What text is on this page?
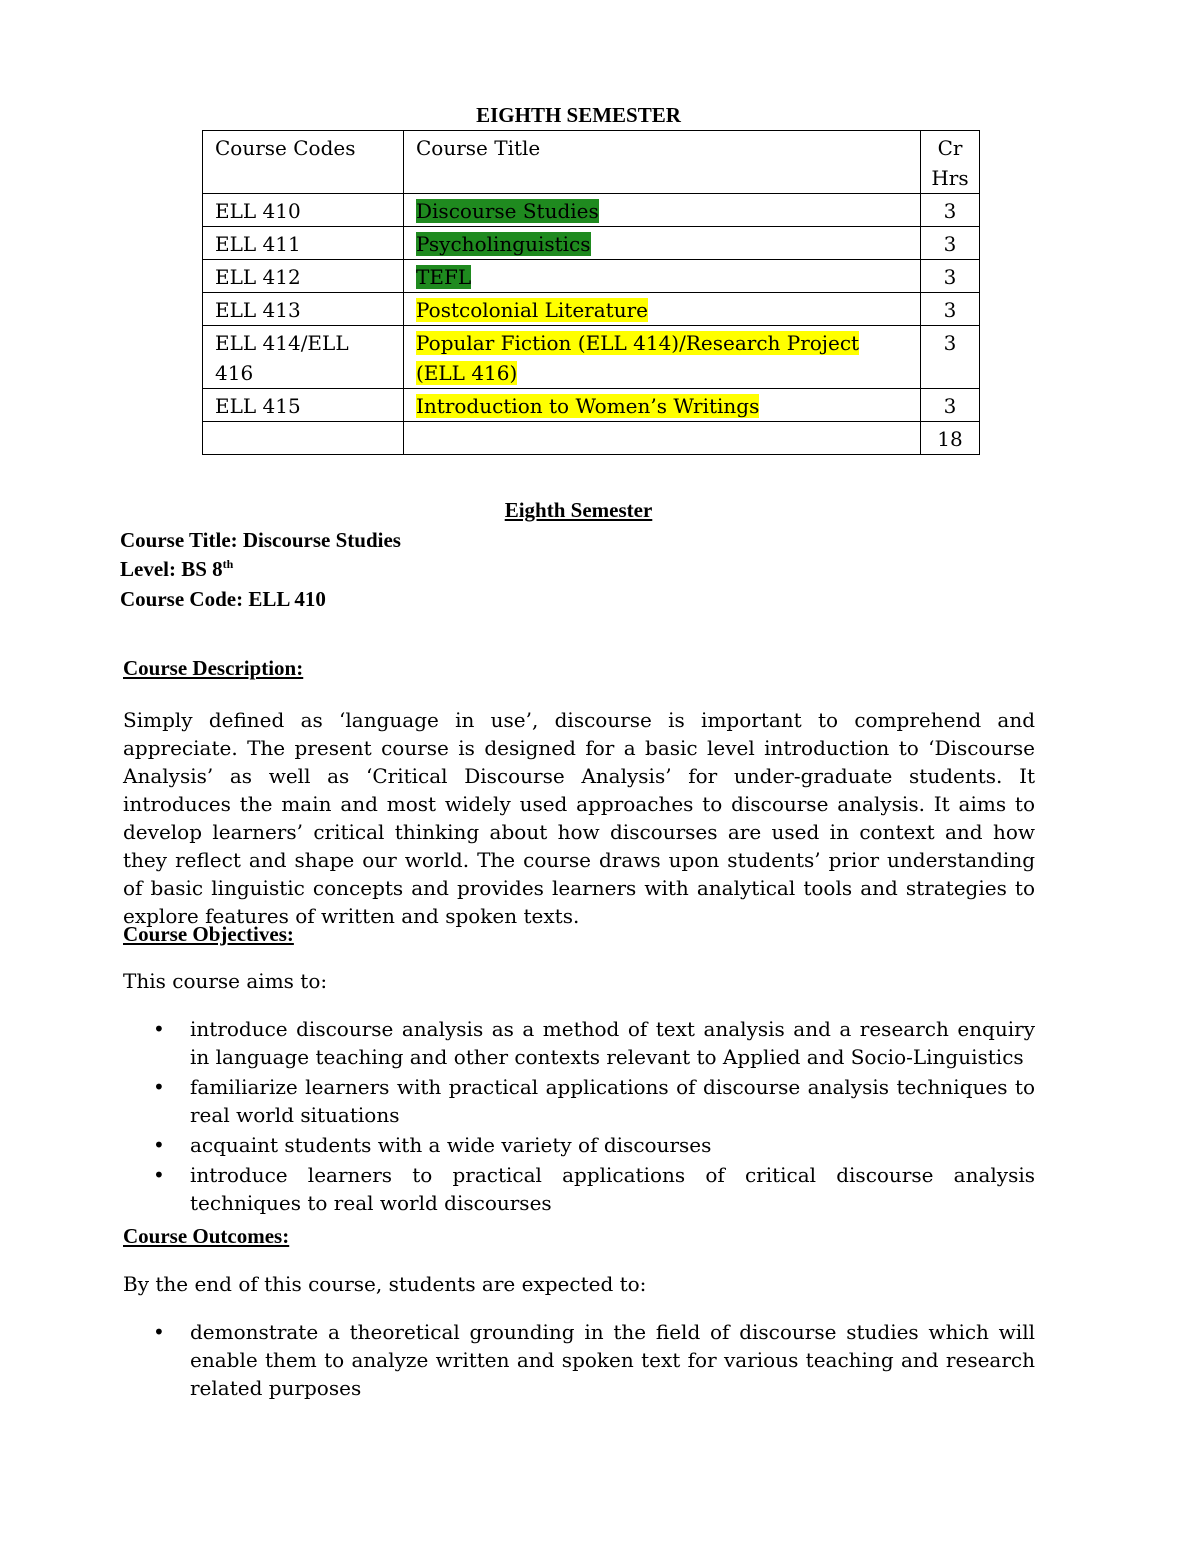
EIGHTH SEMESTER
Course Codes	Course Title	Cr
Hrs
ELL 410	Discourse Studies	3
ELL 411	Psycholinguistics	3
ELL 412	TEFL	3
ELL 413	Postcolonial Literature	3
ELL 414/ELL 416	Popular Fiction (ELL 414)/Research Project (ELL 416)	3
ELL 415	Introduction to Women’s Writings	3
		18
Eighth Semester
Course Title: Discourse Studies
Level: BS 8th
Course Code: ELL 410
Course Description:
Simply defined as ‘language in use’, discourse is important to comprehend and appreciate. The present course is designed for a basic level introduction to ‘Discourse Analysis’ as well as ‘Critical Discourse Analysis’ for under-graduate students. It introduces the main and most widely used approaches to discourse analysis. It aims to develop learners’ critical thinking about how discourses are used in context and how they reflect and shape our world. The course draws upon students’ prior understanding of basic linguistic concepts and provides learners with analytical tools and strategies to explore features of written and spoken texts.
Course Objectives:
This course aims to:
• introduce discourse analysis as a method of text analysis and a research enquiry in language teaching and other contexts relevant to Applied and Socio-Linguistics
• familiarize learners with practical applications of discourse analysis techniques to real world situations
• acquaint students with a wide variety of discourses
• introduce learners to practical applications of critical discourse analysis techniques to real world discourses
Course Outcomes:
By the end of this course, students are expected to:
• demonstrate a theoretical grounding in the field of discourse studies which will enable them to analyze written and spoken text for various teaching and research related purposes
